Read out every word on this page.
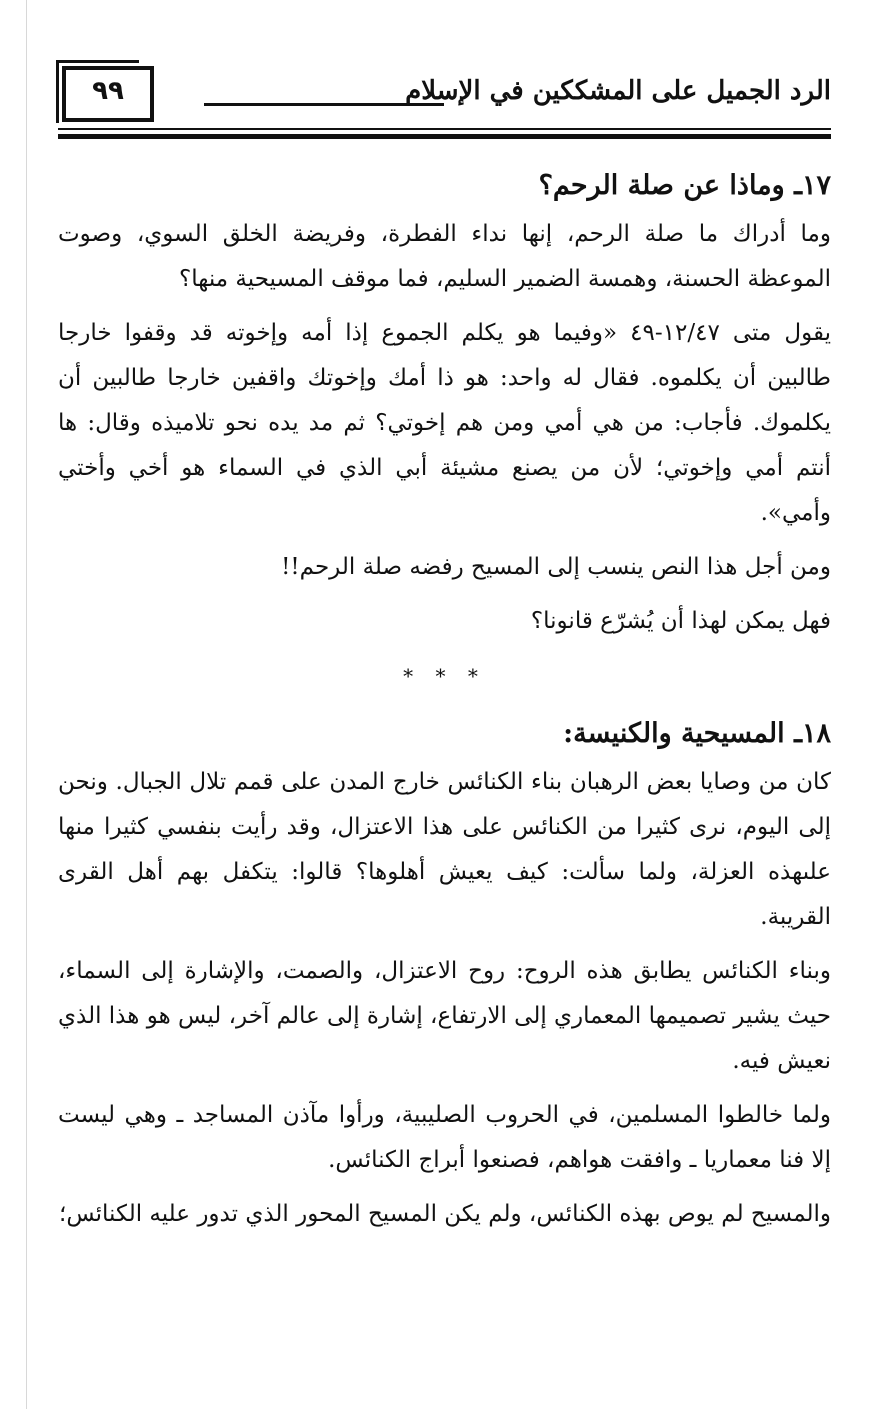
٩٩	الرد الجميل على المشككين في الإسلام
١٧ـ وماذا عن صلة الرحم؟

وما أدراك ما صلة الرحم، إنها نداء الفطرة، وفريضة الخلق السوي، وصوت الموعظة الحسنة، وهمسة الضمير السليم، فما موقف المسيحية منها؟

يقول متى ١٢/٤٧-٤٩ «وفيما هو يكلم الجموع إذا أمه وإخوته قد وقفوا خارجا طالبين أن يكلموه. فقال له واحد: هو ذا أمك وإخوتك واقفين خارجا طالبين أن يكلموك. فأجاب: من هي أمي ومن هم إخوتي؟ ثم مد يده نحو تلاميذه وقال: ها أنتم أمي وإخوتي؛ لأن من يصنع مشيئة أبي الذي في السماء هو أخي وأختي وأمي».

ومن أجل هذا النص ينسب إلى المسيح رفضه صلة الرحم!!

فهل يمكن لهذا أن يُشرّع قانونا؟

* * *
١٨ـ المسيحية والكنيسة:

كان من وصايا بعض الرهبان بناء الكنائس خارج المدن على قمم تلال الجبال. ونحن إلى اليوم، نرى كثيرا من الكنائس على هذا الاعتزال، وقد رأيت بنفسي كثيرا منها علىهذه العزلة، ولما سألت: كيف يعيش أهلوها؟ قالوا: يتكفل بهم أهل القرى القريبة.

وبناء الكنائس يطابق هذه الروح: روح الاعتزال، والصمت، والإشارة إلى السماء، حيث يشير تصميمها المعماري إلى الارتفاع، إشارة إلى عالم آخر، ليس هو هذا الذي نعيش فيه.

ولما خالطوا المسلمين، في الحروب الصليبية، ورأوا مآذن المساجد ـ وهي ليست إلا فنا معماريا ـ وافقت هواهم، فصنعوا أبراج الكنائس.

والمسيح لم يوص بهذه الكنائس، ولم يكن المسيح المحور الذي تدور عليه الكنائس؛
